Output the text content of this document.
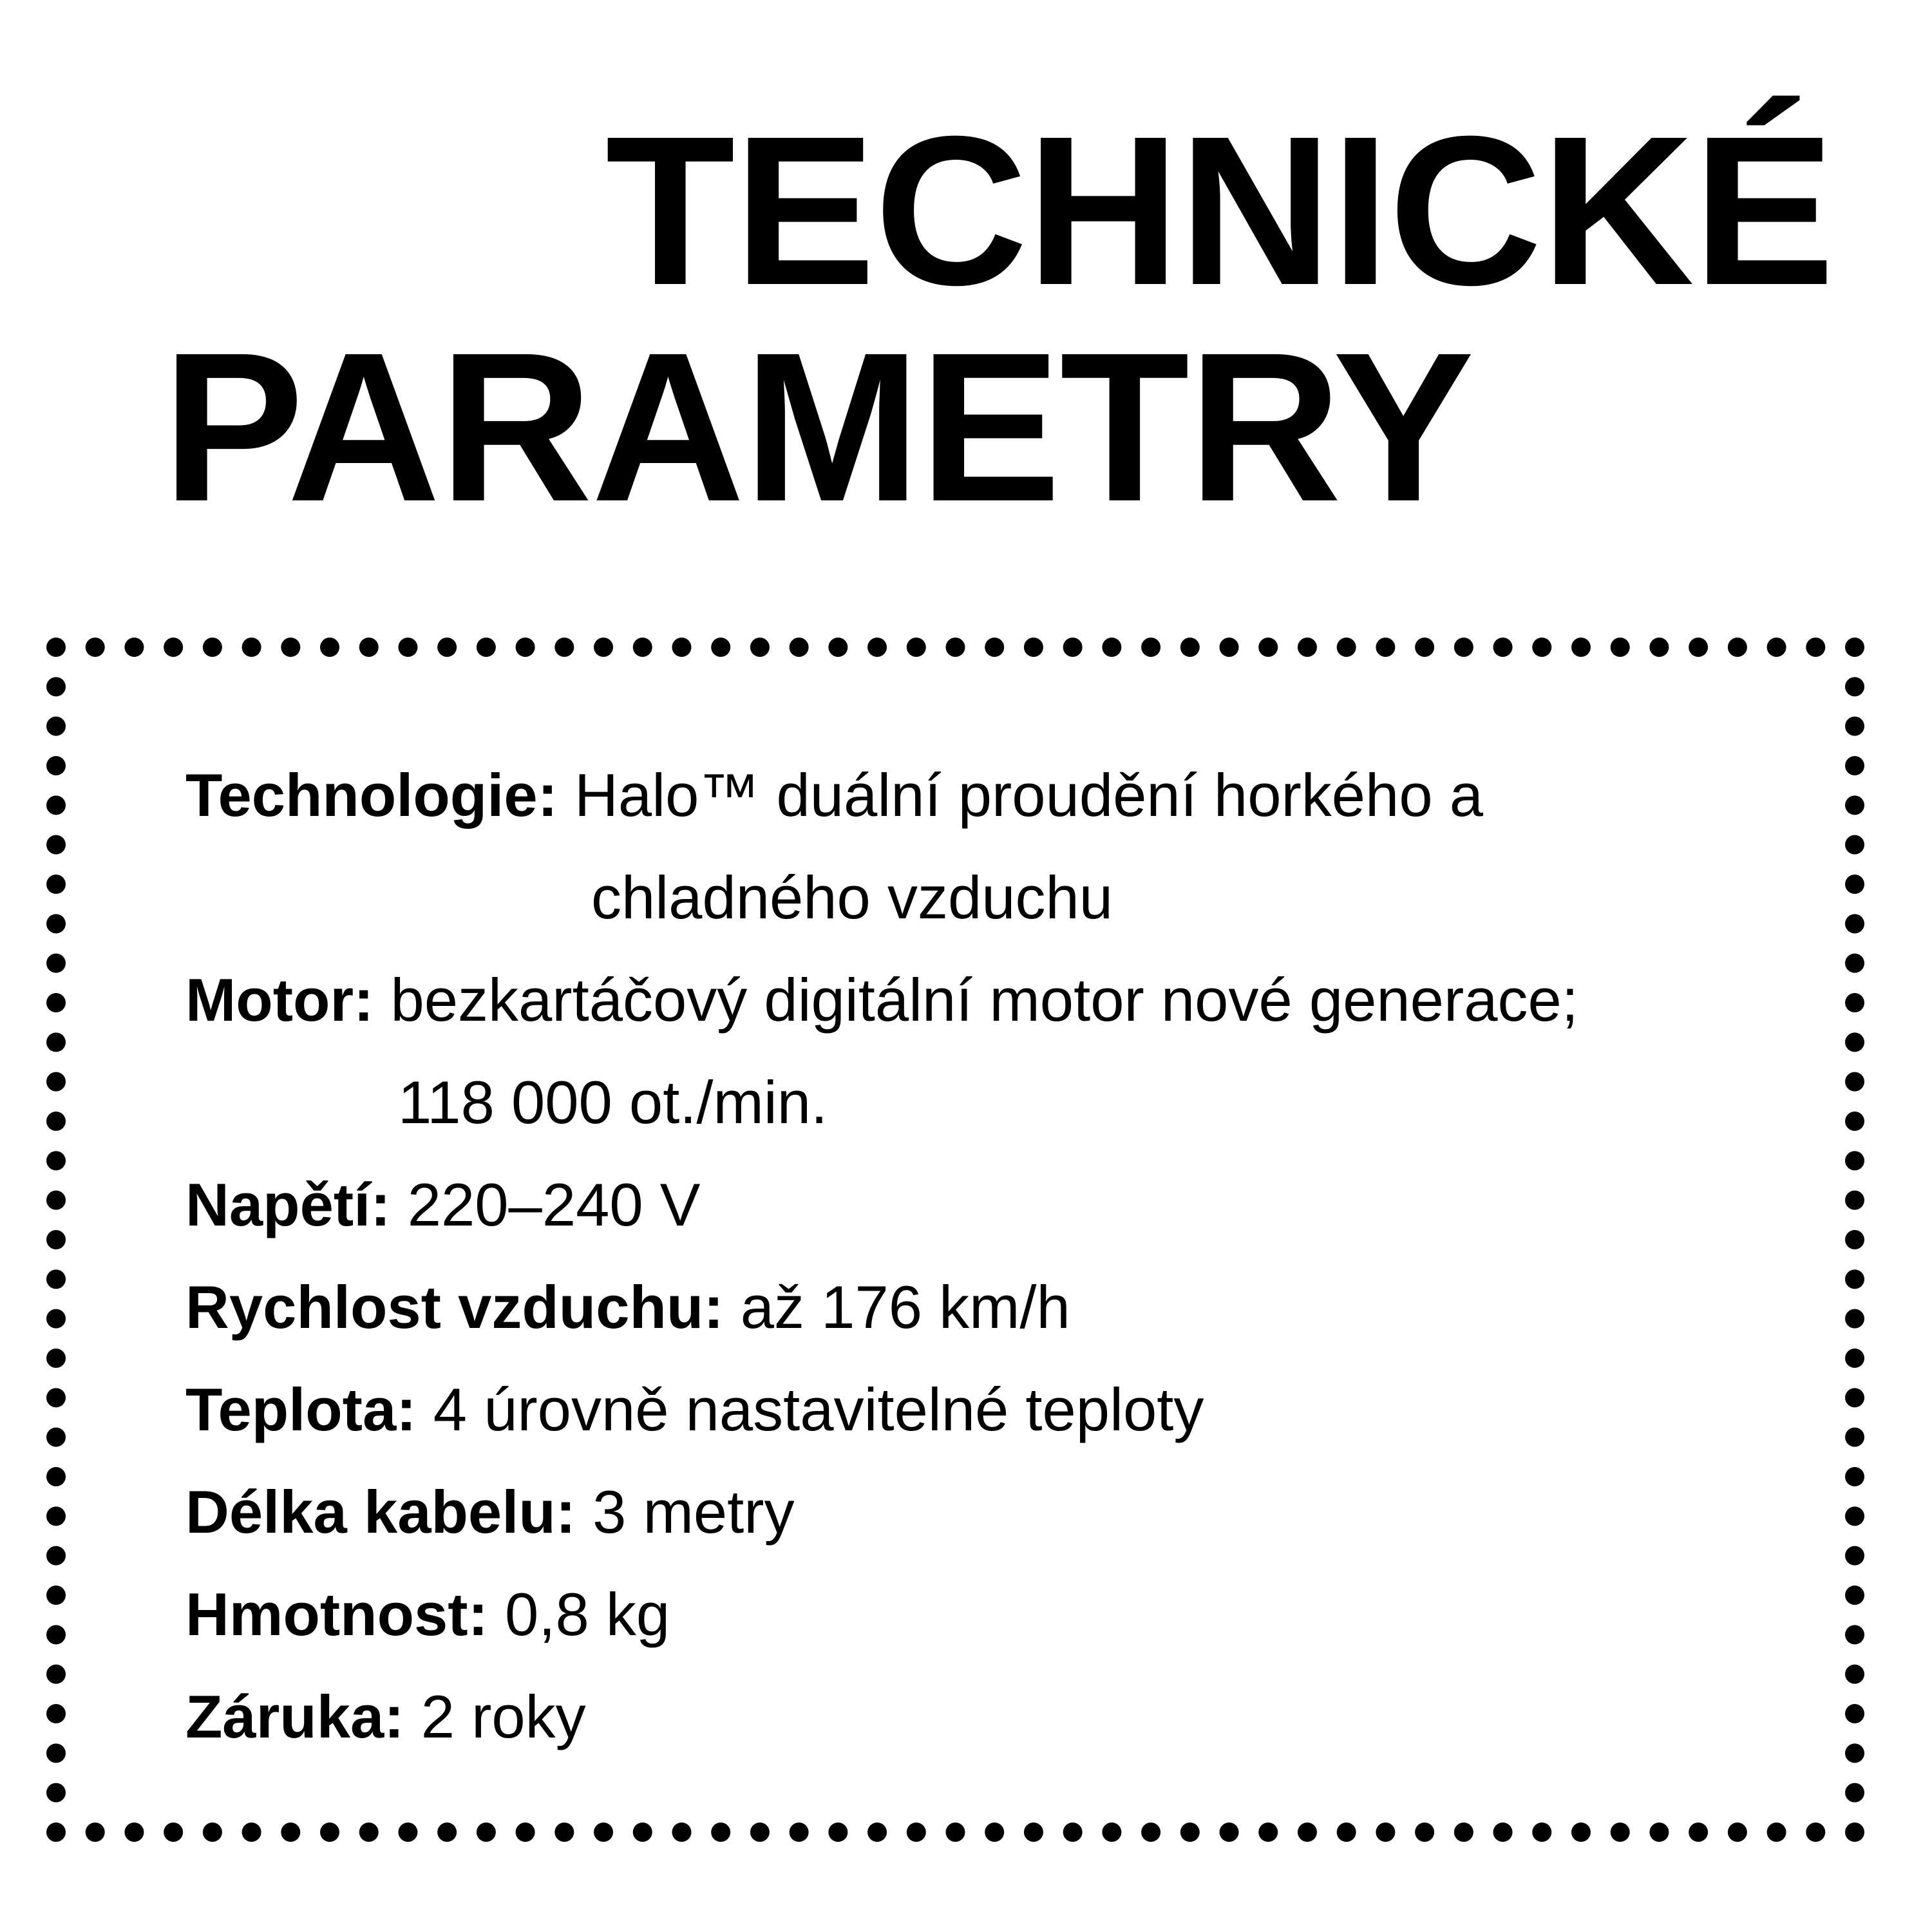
TECHNICKÉ
PARAMETRY
Technologie: Halo™ duální proudění horkého a
chladného vzduchu
Motor: bezkartáčový digitální motor nové generace;
118 000 ot./min.
Napětí: 220–240 V
Rychlost vzduchu: až 176 km/h
Teplota: 4 úrovně nastavitelné teploty
Délka kabelu: 3 metry
Hmotnost: 0,8 kg
Záruka: 2 roky
